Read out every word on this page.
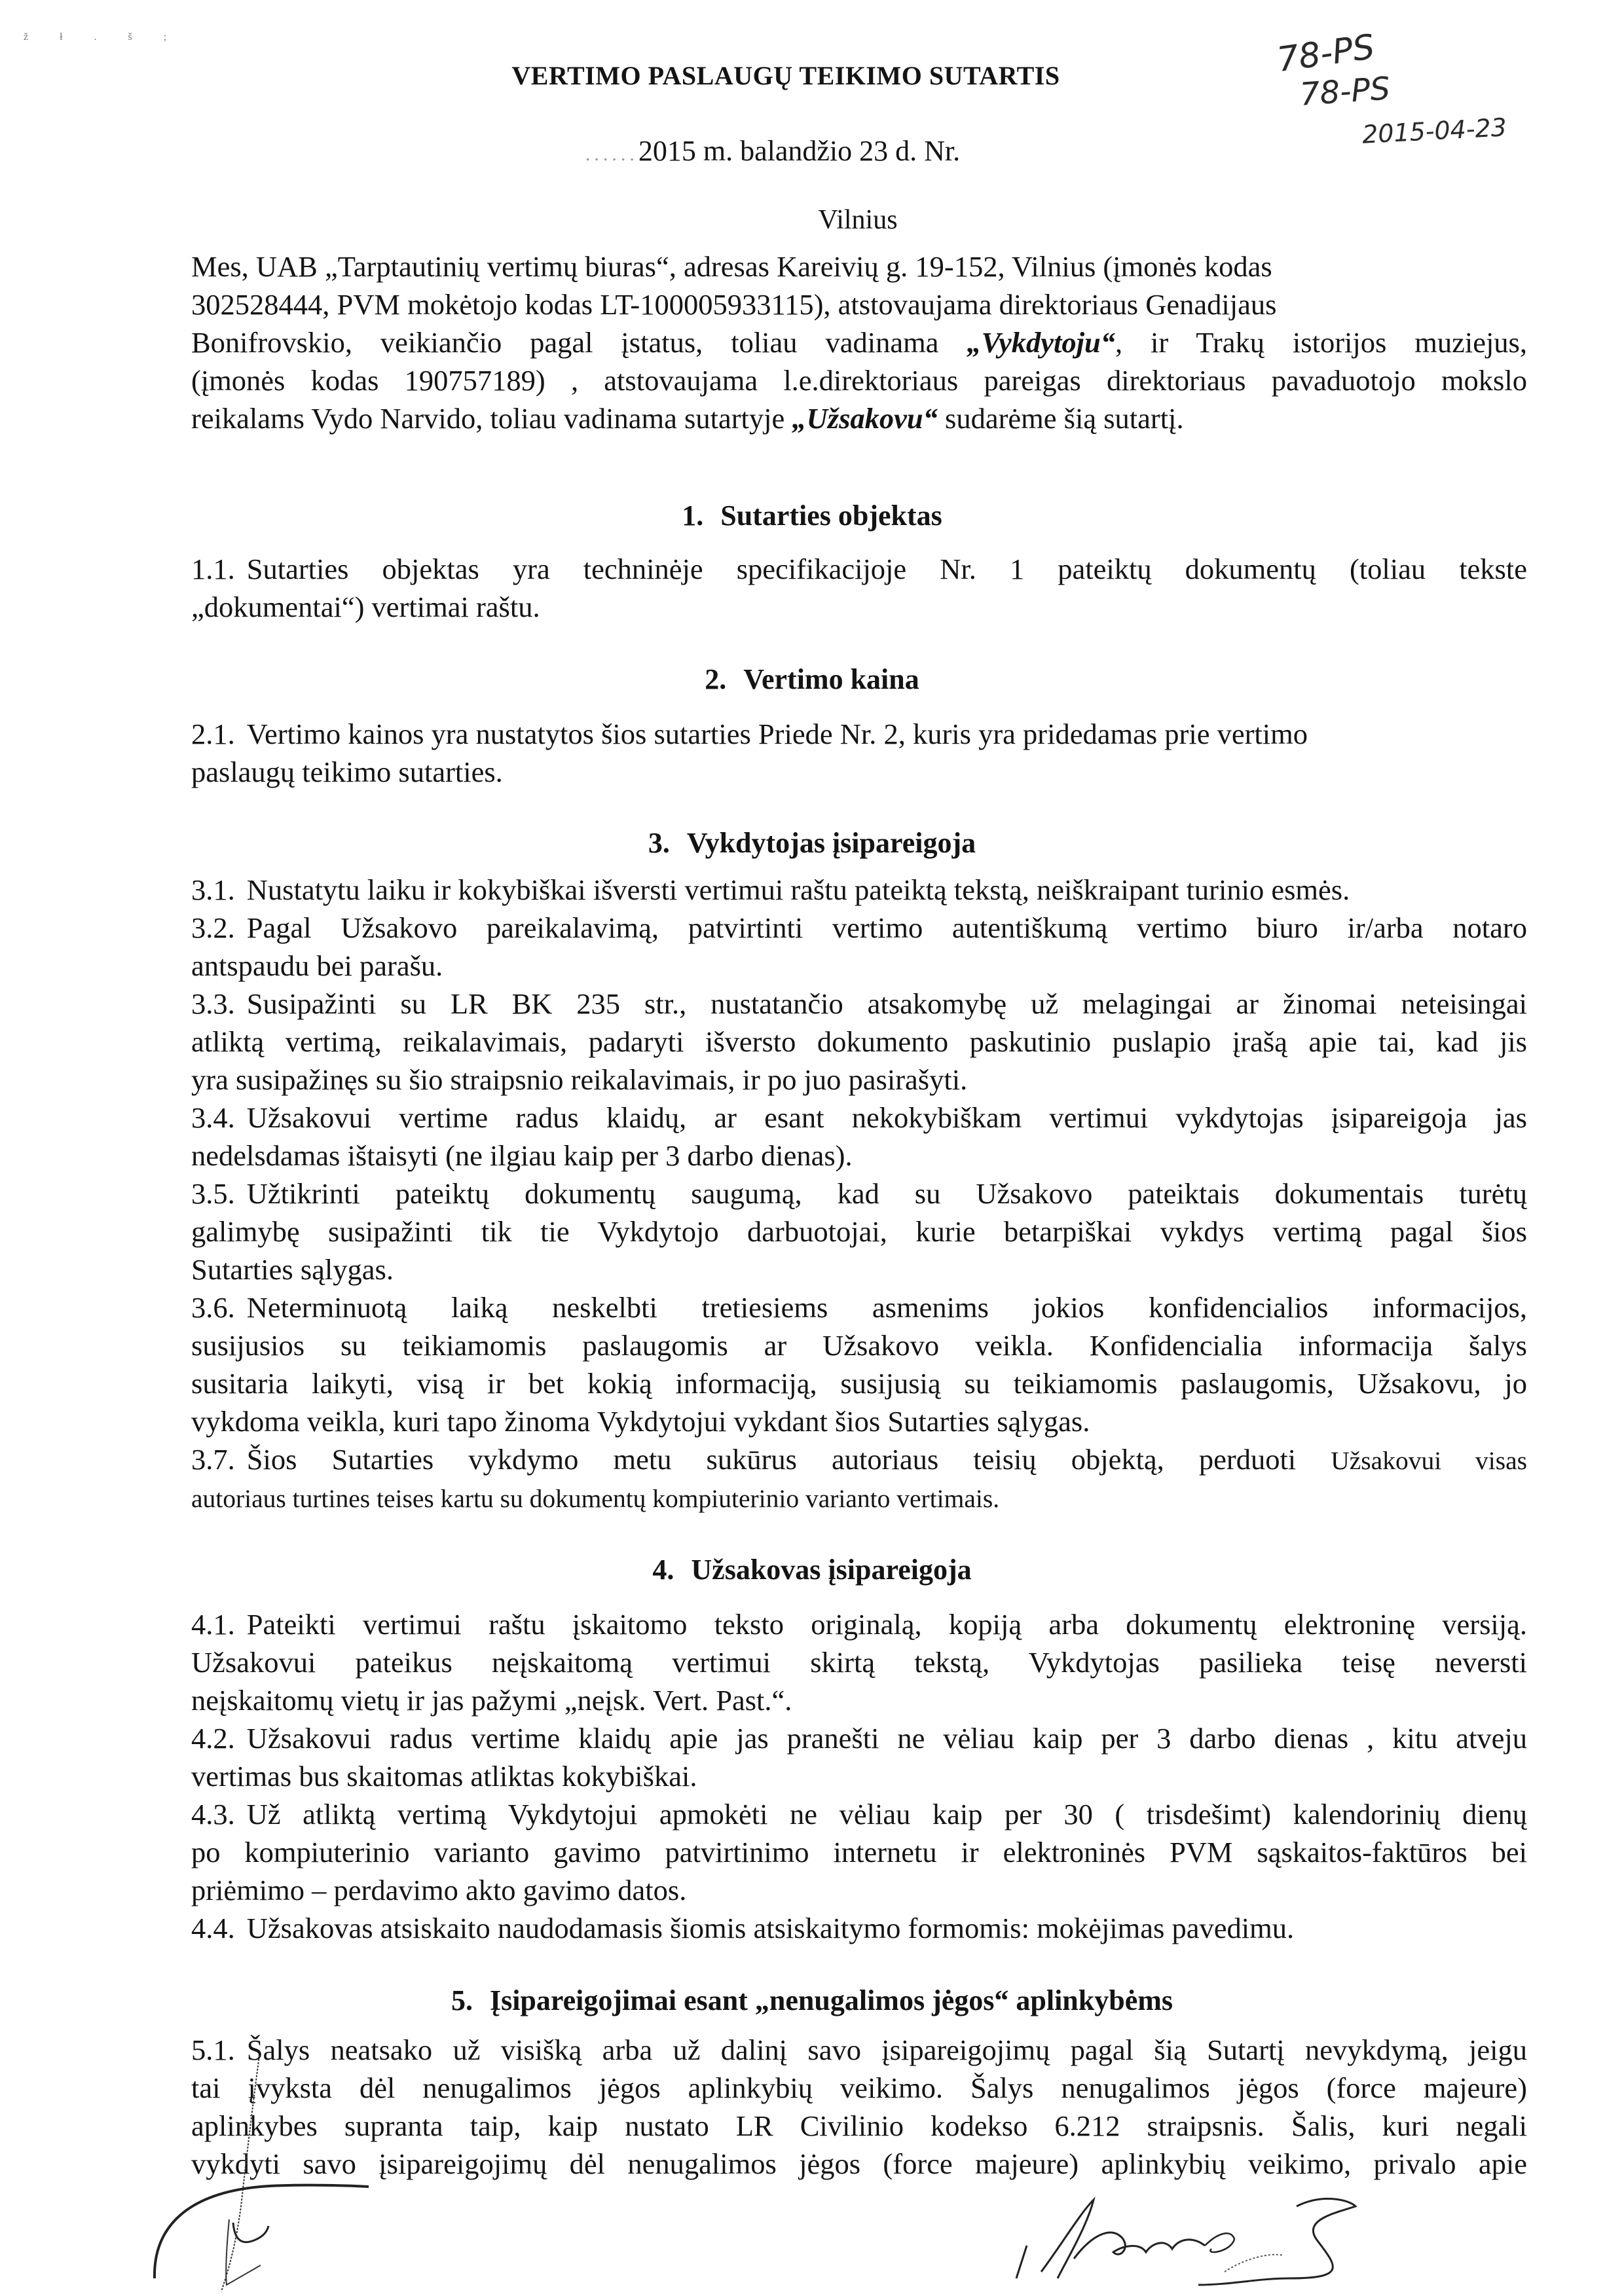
ž ł . š ;	78-PS
78-PS
2015-04-23
VERTIMO PASLAUGŲ TEIKIMO SUTARTIS
......2015 m. balandžio 23 d. Nr.
Vilnius
Mes, UAB „Tarptautinių vertimų biuras“, adresas Kareivių g. 19-152, Vilnius (įmonės kodas
302528444, PVM mokėtojo kodas LT-100005933115), atstovaujama direktoriaus Genadijaus
Bonifrovskio, veikiančio pagal įstatus, toliau vadinama „Vykdytoju“, ir Trakų istorijos muziejus,
(įmonės kodas 190757189) , atstovaujama l.e.direktoriaus pareigas direktoriaus pavaduotojo mokslo
reikalams Vydo Narvido, toliau vadinama sutartyje „Užsakovu“ sudarėme šią sutartį.
1. Sutarties objektas
1.1. Sutarties objektas yra techninėje specifikacijoje Nr. 1 pateiktų dokumentų (toliau tekste
„dokumentai“) vertimai raštu.
2. Vertimo kaina
2.1. Vertimo kainos yra nustatytos šios sutarties Priede Nr. 2, kuris yra pridedamas prie vertimo
paslaugų teikimo sutarties.
3. Vykdytojas įsipareigoja
3.1. Nustatytu laiku ir kokybiškai išversti vertimui raštu pateiktą tekstą, neiškraipant turinio esmės.
3.2. Pagal Užsakovo pareikalavimą, patvirtinti vertimo autentiškumą vertimo biuro ir/arba notaro
antspaudu bei parašu.
3.3. Susipažinti su LR BK 235 str., nustatančio atsakomybę už melagingai ar žinomai neteisingai
atliktą vertimą, reikalavimais, padaryti išversto dokumento paskutinio puslapio įrašą apie tai, kad jis
yra susipažinęs su šio straipsnio reikalavimais, ir po juo pasirašyti.
3.4. Užsakovui vertime radus klaidų, ar esant nekokybiškam vertimui vykdytojas įsipareigoja jas
nedelsdamas ištaisyti (ne ilgiau kaip per 3 darbo dienas).
3.5. Užtikrinti pateiktų dokumentų saugumą, kad su Užsakovo pateiktais dokumentais turėtų
galimybę susipažinti tik tie Vykdytojo darbuotojai, kurie betarpiškai vykdys vertimą pagal šios
Sutarties sąlygas.
3.6. Neterminuotą laiką neskelbti tretiesiems asmenims jokios konfidencialios informacijos,
susijusios su teikiamomis paslaugomis ar Užsakovo veikla. Konfidencialia informacija šalys
susitaria laikyti, visą ir bet kokią informaciją, susijusią su teikiamomis paslaugomis, Užsakovu, jo
vykdoma veikla, kuri tapo žinoma Vykdytojui vykdant šios Sutarties sąlygas.
3.7. Šios Sutarties vykdymo metu sukūrus autoriaus teisių objektą, perduoti Užsakovui visas
autoriaus turtines teises kartu su dokumentų kompiuterinio varianto vertimais.
4. Užsakovas įsipareigoja
4.1. Pateikti vertimui raštu įskaitomo teksto originalą, kopiją arba dokumentų elektroninę versiją.
Užsakovui pateikus neįskaitomą vertimui skirtą tekstą, Vykdytojas pasilieka teisę neversti
neįskaitomų vietų ir jas pažymi „neįsk. Vert. Past.“.
4.2. Užsakovui radus vertime klaidų apie jas pranešti ne vėliau kaip per 3 darbo dienas , kitu atveju
vertimas bus skaitomas atliktas kokybiškai.
4.3. Už atliktą vertimą Vykdytojui apmokėti ne vėliau kaip per 30 ( trisdešimt) kalendorinių dienų
po kompiuterinio varianto gavimo patvirtinimo internetu ir elektroninės PVM sąskaitos-faktūros bei
priėmimo – perdavimo akto gavimo datos.
4.4. Užsakovas atsiskaito naudodamasis šiomis atsiskaitymo formomis: mokėjimas pavedimu.
5. Įsipareigojimai esant „nenugalimos jėgos“ aplinkybėms
5.1. Šalys neatsako už visišką arba už dalinį savo įsipareigojimų pagal šią Sutartį nevykdymą, jeigu
tai įvyksta dėl nenugalimos jėgos aplinkybių veikimo. Šalys nenugalimos jėgos (force majeure)
aplinkybes supranta taip, kaip nustato LR Civilinio kodekso 6.212 straipsnis. Šalis, kuri negali
vykdyti savo įsipareigojimų dėl nenugalimos jėgos (force majeure) aplinkybių veikimo, privalo apie
